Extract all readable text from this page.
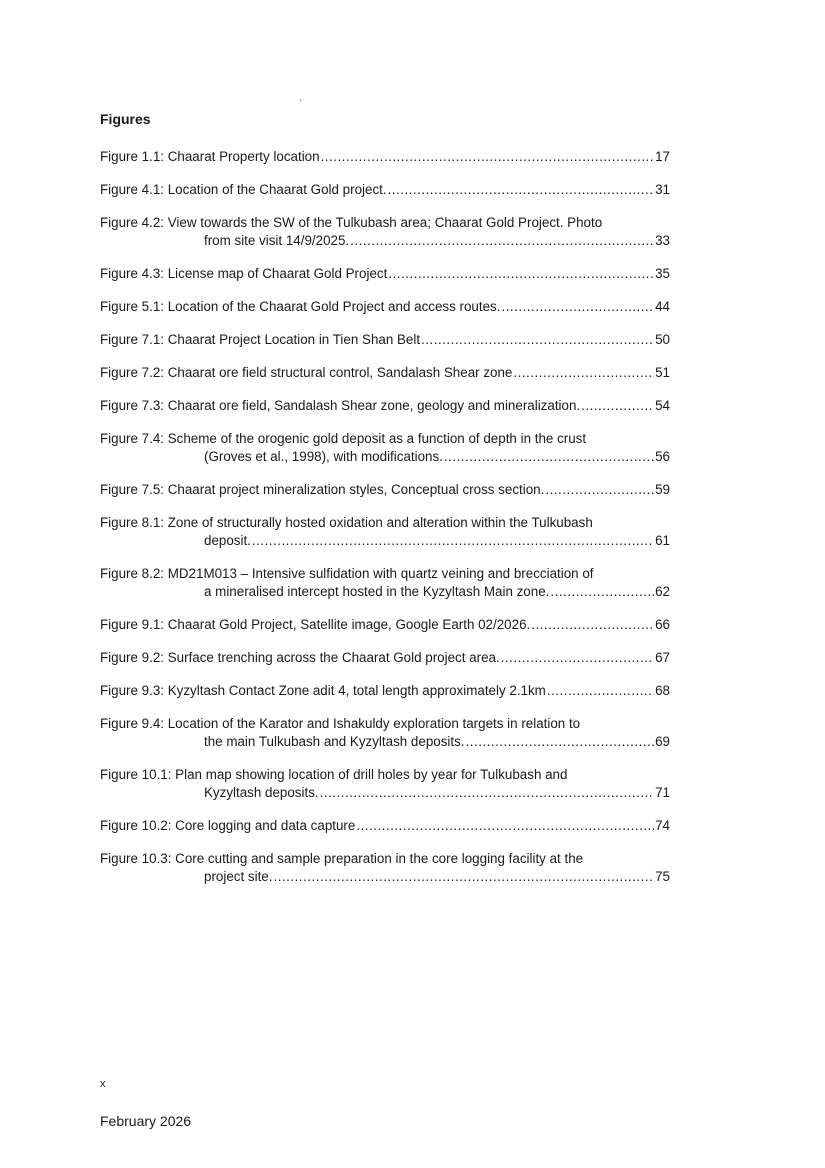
Figures
Figure 1.1: Chaarat Property location .....	17
Figure 4.1: Location of the Chaarat Gold project. .....	31
Figure 4.2: View towards the SW of the Tulkubash area; Chaarat Gold Project. Photo
from site visit 14/9/2025. .....	33
Figure 4.3: License map of Chaarat Gold Project .....	35
Figure 5.1: Location of the Chaarat Gold Project and access routes. .....	44
Figure 7.1: Chaarat Project Location in Tien Shan Belt .....	50
Figure 7.2: Chaarat ore field structural control, Sandalash Shear zone .....	51
Figure 7.3: Chaarat ore field, Sandalash Shear zone, geology and mineralization. .....	54
Figure 7.4: Scheme of the orogenic gold deposit as a function of depth in the crust
(Groves et al., 1998), with modifications. .....	56
Figure 7.5: Chaarat project mineralization styles, Conceptual cross section. .....	59
Figure 8.1: Zone of structurally hosted oxidation and alteration within the Tulkubash
deposit. .....	61
Figure 8.2: MD21M013 – Intensive sulfidation with quartz veining and brecciation of
a mineralised intercept hosted in the Kyzyltash Main zone. .....	62
Figure 9.1: Chaarat Gold Project, Satellite image, Google Earth 02/2026. .....	66
Figure 9.2: Surface trenching across the Chaarat Gold project area. .....	67
Figure 9.3: Kyzyltash Contact Zone adit 4, total length approximately 2.1km .....	68
Figure 9.4: Location of the Karator and Ishakuldy exploration targets in relation to
the main Tulkubash and Kyzyltash deposits. .....	69
Figure 10.1: Plan map showing location of drill holes by year for Tulkubash and
Kyzyltash deposits. .....	71
Figure 10.2: Core logging and data capture .....	74
Figure 10.3: Core cutting and sample preparation in the core logging facility at the
project site. .....	75
x
February 2026
